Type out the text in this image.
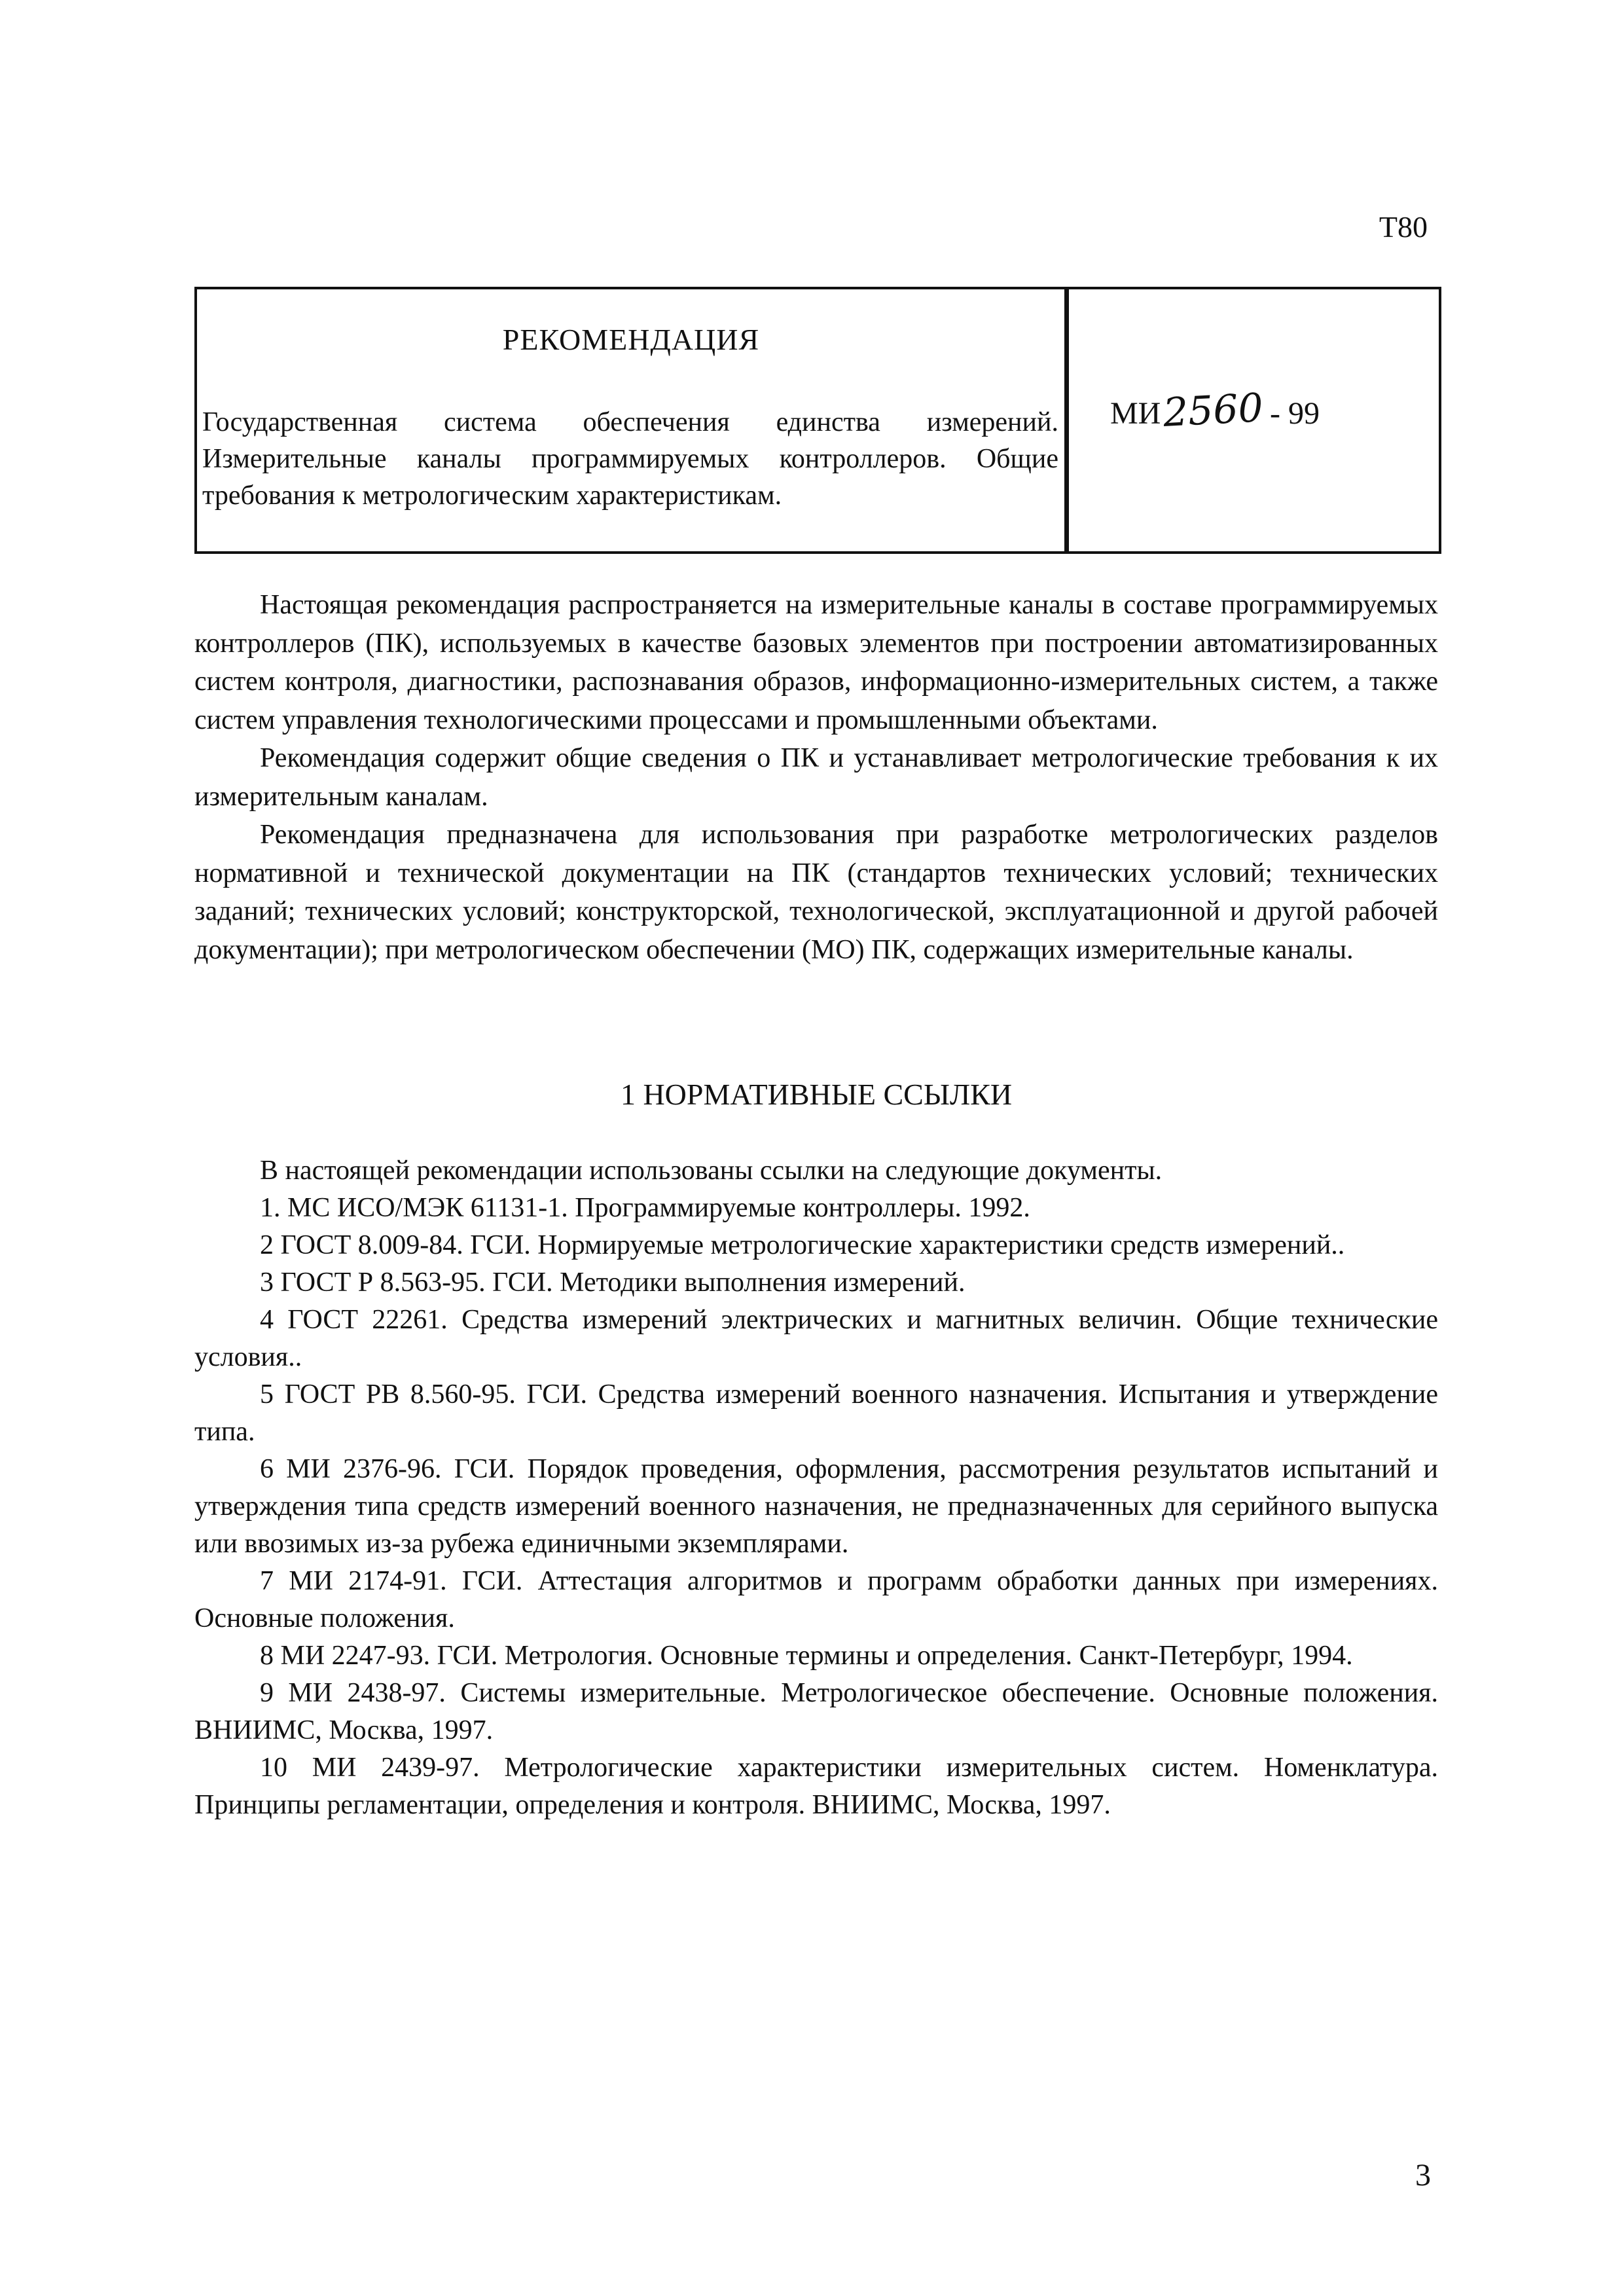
Т80
РЕКОМЕНДАЦИЯ

Государственная система обеспечения единства измерений. Измерительные каналы программируемых контроллеров. Общие требования к метрологическим характеристикам.

МИ 2560 - 99

Настоящая рекомендация распространяется на измерительные каналы в составе программируемых контроллеров (ПК), используемых в качестве базовых элементов при построении автоматизированных систем контроля, диагностики, распознавания образов, информационно-измерительных систем, а также систем управления технологическими процессами и промышленными объектами.

Рекомендация содержит общие сведения о ПК и устанавливает метрологические требования к их измерительным каналам.

Рекомендация предназначена для использования при разработке метрологических разделов нормативной и технической документации на ПК (стандартов технических условий; технических заданий; технических условий; конструкторской, технологической, эксплуатационной и другой рабочей документации); при метрологическом обеспечении (МО) ПК, содержащих измерительные каналы.

1 НОРМАТИВНЫЕ ССЫЛКИ

В настоящей рекомендации использованы ссылки на следующие документы.

1. МС ИСО/МЭК 61131-1. Программируемые контроллеры. 1992.

2 ГОСТ 8.009-84. ГСИ. Нормируемые метрологические характеристики средств измерений..

3 ГОСТ Р 8.563-95. ГСИ. Методики выполнения измерений.

4 ГОСТ 22261. Средства измерений электрических и магнитных величин. Общие технические условия..

5 ГОСТ РВ 8.560-95. ГСИ. Средства измерений военного назначения. Испытания и утверждение типа.

6 МИ 2376-96. ГСИ. Порядок проведения, оформления, рассмотрения результатов испытаний и утверждения типа средств измерений военного назначения, не предназначенных для серийного выпуска или ввозимых из-за рубежа единичными экземплярами.

7 МИ 2174-91. ГСИ. Аттестация алгоритмов и программ обработки данных при измерениях. Основные положения.

8 МИ 2247-93. ГСИ. Метрология. Основные термины и определения. Санкт-Петербург, 1994.

9 МИ 2438-97. Системы измерительные. Метрологическое обеспечение. Основные положения. ВНИИМС, Москва, 1997.

10 МИ 2439-97. Метрологические характеристики измерительных систем. Номенклатура. Принципы регламентации, определения и контроля. ВНИИМС, Москва, 1997.

3
